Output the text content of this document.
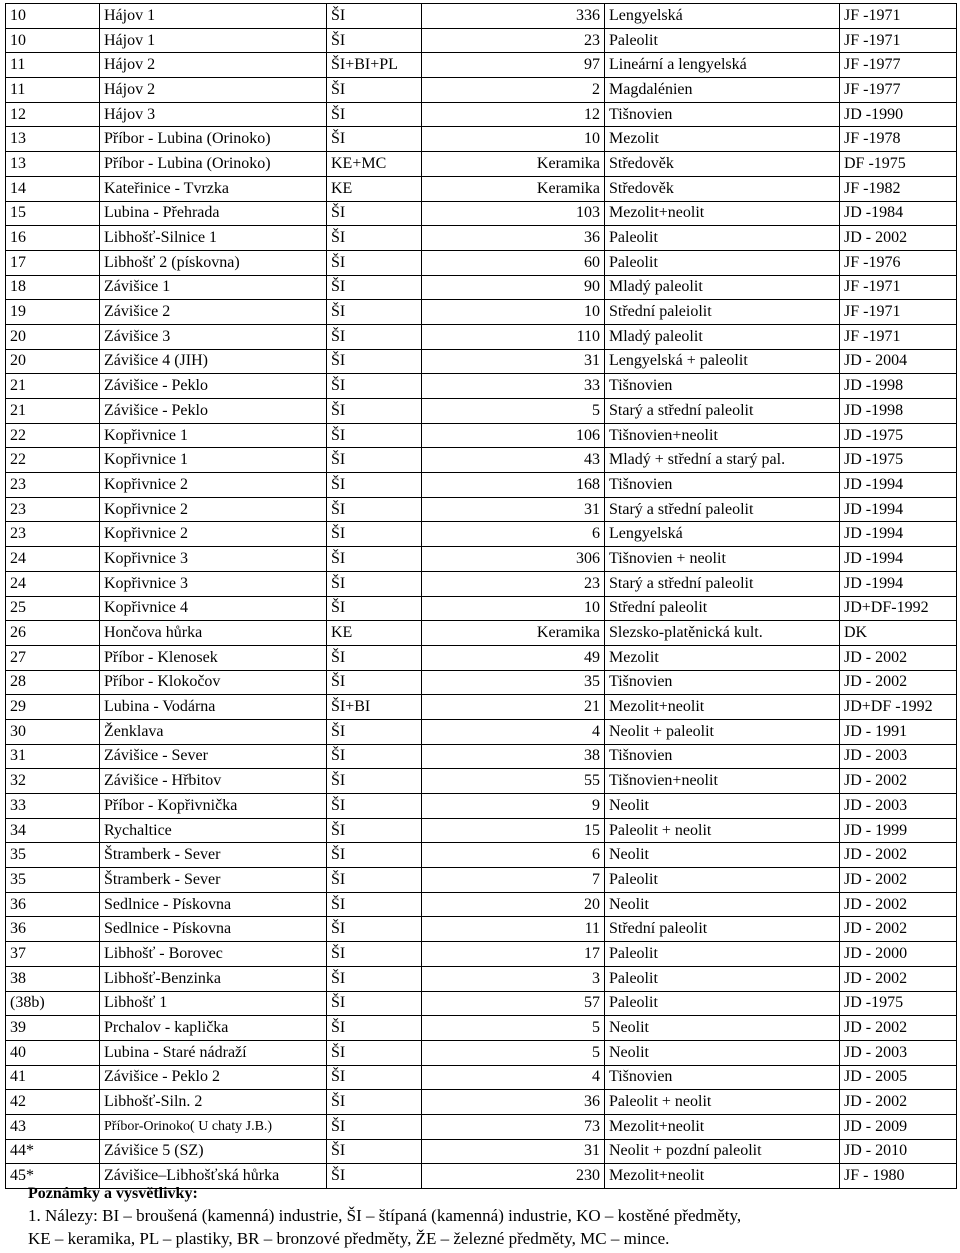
10	Hájov 1	ŠI	336	Lengyelská	JF -1971
10	Hájov 1	ŠI	23	Paleolit	JF -1971
11	Hájov 2	ŠI+BI+PL	97	Lineární a lengyelská	JF -1977
11	Hájov 2	ŠI	2	Magdalénien	JF -1977
12	Hájov 3	ŠI	12	Tišnovien	JD -1990
13	Příbor - Lubina (Orinoko)	ŠI	10	Mezolit	JF -1978
13	Příbor - Lubina (Orinoko)	KE+MC	Keramika	Středověk	DF -1975
14	Kateřinice - Tvrzka	KE	Keramika	Středověk	JF -1982
15	Lubina - Přehrada	ŠI	103	Mezolit+neolit	JD -1984
16	Libhošť-Silnice 1	ŠI	36	Paleolit	JD - 2002
17	Libhošť 2 (pískovna)	ŠI	60	Paleolit	JF -1976
18	Závišice 1	ŠI	90	Mladý paleolit	JF -1971
19	Závišice 2	ŠI	10	Střední paleiolit	JF -1971
20	Závišice 3	ŠI	110	Mladý paleolit	JF -1971
20	Závišice 4 (JIH)	ŠI	31	Lengyelská + paleolit	JD - 2004
21	Závišice - Peklo	ŠI	33	Tišnovien	JD -1998
21	Závišice - Peklo	ŠI	5	Starý a střední paleolit	JD -1998
22	Kopřivnice 1	ŠI	106	Tišnovien+neolit	JD -1975
22	Kopřivnice 1	ŠI	43	Mladý + střední a starý pal.	JD -1975
23	Kopřivnice 2	ŠI	168	Tišnovien	JD -1994
23	Kopřivnice 2	ŠI	31	Starý a střední paleolit	JD -1994
23	Kopřivnice 2	ŠI	6	Lengyelská	JD -1994
24	Kopřivnice 3	ŠI	306	Tišnovien + neolit	JD -1994
24	Kopřivnice 3	ŠI	23	Starý a střední paleolit	JD -1994
25	Kopřivnice 4	ŠI	10	Střední paleolit	JD+DF-1992
26	Hončova hůrka	KE	Keramika	Slezsko-platěnická kult.	DK
27	Příbor - Klenosek	ŠI	49	Mezolit	JD - 2002
28	Příbor - Klokočov	ŠI	35	Tišnovien	JD - 2002
29	Lubina - Vodárna	ŠI+BI	21	Mezolit+neolit	JD+DF -1992
30	Ženklava	ŠI	4	Neolit + paleolit	JD - 1991
31	Závišice - Sever	ŠI	38	Tišnovien	JD - 2003
32	Závišice - Hřbitov	ŠI	55	Tišnovien+neolit	JD - 2002
33	Příbor - Kopřivnička	ŠI	9	Neolit	JD - 2003
34	Rychaltice	ŠI	15	Paleolit + neolit	JD - 1999
35	Štramberk - Sever	ŠI	6	Neolit	JD - 2002
35	Štramberk - Sever	ŠI	7	Paleolit	JD - 2002
36	Sedlnice - Pískovna	ŠI	20	Neolit	JD - 2002
36	Sedlnice - Pískovna	ŠI	11	Střední paleolit	JD - 2002
37	Libhošť - Borovec	ŠI	17	Paleolit	JD - 2000
38	Libhošť-Benzinka	ŠI	3	Paleolit	JD - 2002
(38b)	Libhošť 1	ŠI	57	Paleolit	JD -1975
39	Prchalov - kaplička	ŠI	5	Neolit	JD - 2002
40	Lubina - Staré nádraží	ŠI	5	Neolit	JD - 2003
41	Závišice - Peklo 2	ŠI	4	Tišnovien	JD - 2005
42	Libhošť-Siln. 2	ŠI	36	Paleolit + neolit	JD - 2002
43	Příbor-Orinoko( U chaty J.B.)	ŠI	73	Mezolit+neolit	JD - 2009
44*	Závišice 5 (SZ)	ŠI	31	Neolit + pozdní paleolit	JD - 2010
45*	Závišice–Libhošťská hůrka	ŠI	230	Mezolit+neolit	JF - 1980
Poznámky a vysvětlivky:
1. Nálezy: BI – broušená (kamenná) industrie, ŠI – štípaná (kamenná) industrie, KO – kostěné předměty,
KE – keramika, PL – plastiky, BR – bronzové předměty, ŽE – železné předměty, MC – mince.
